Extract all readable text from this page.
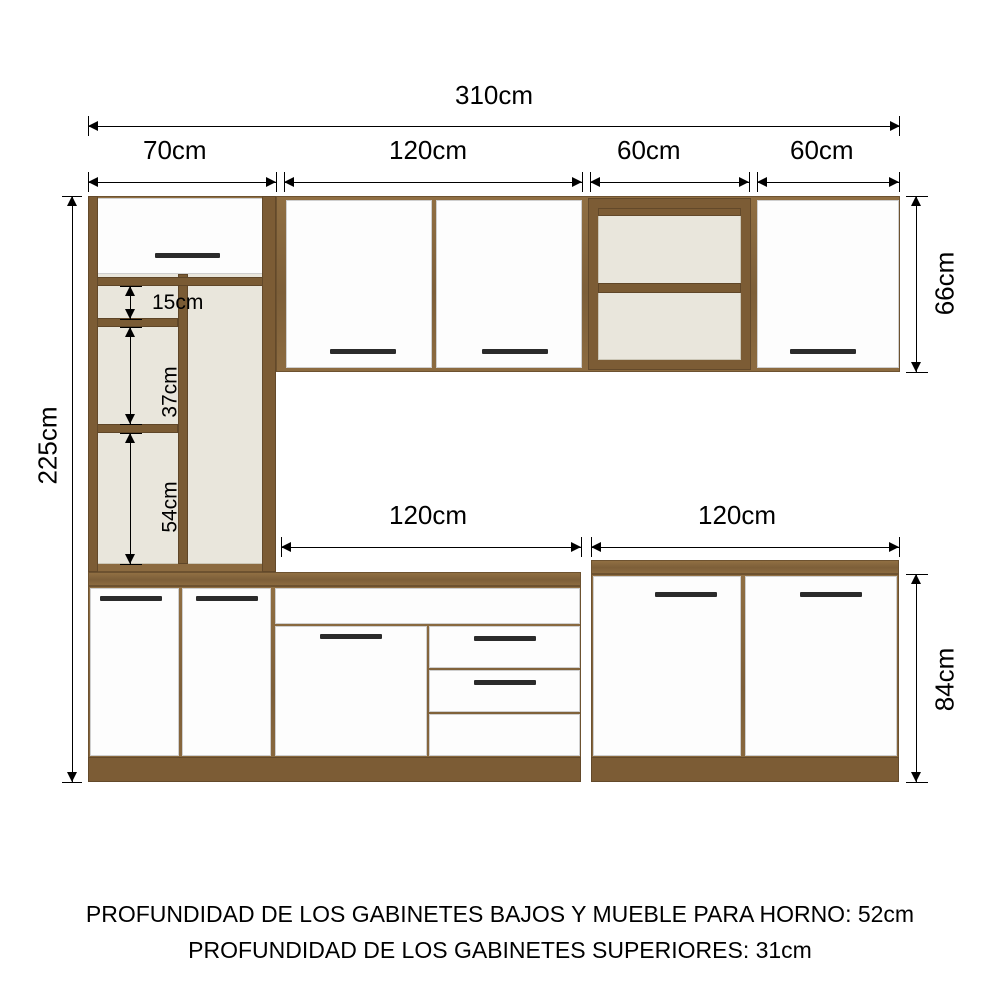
310cm
70cm	120cm	60cm	60cm
225cm
15cm
37cm
54cm
66cm
120cm	120cm
84cm
PROFUNDIDAD DE LOS GABINETES BAJOS Y MUEBLE PARA HORNO: 52cm
PROFUNDIDAD DE LOS GABINETES SUPERIORES: 31cm
